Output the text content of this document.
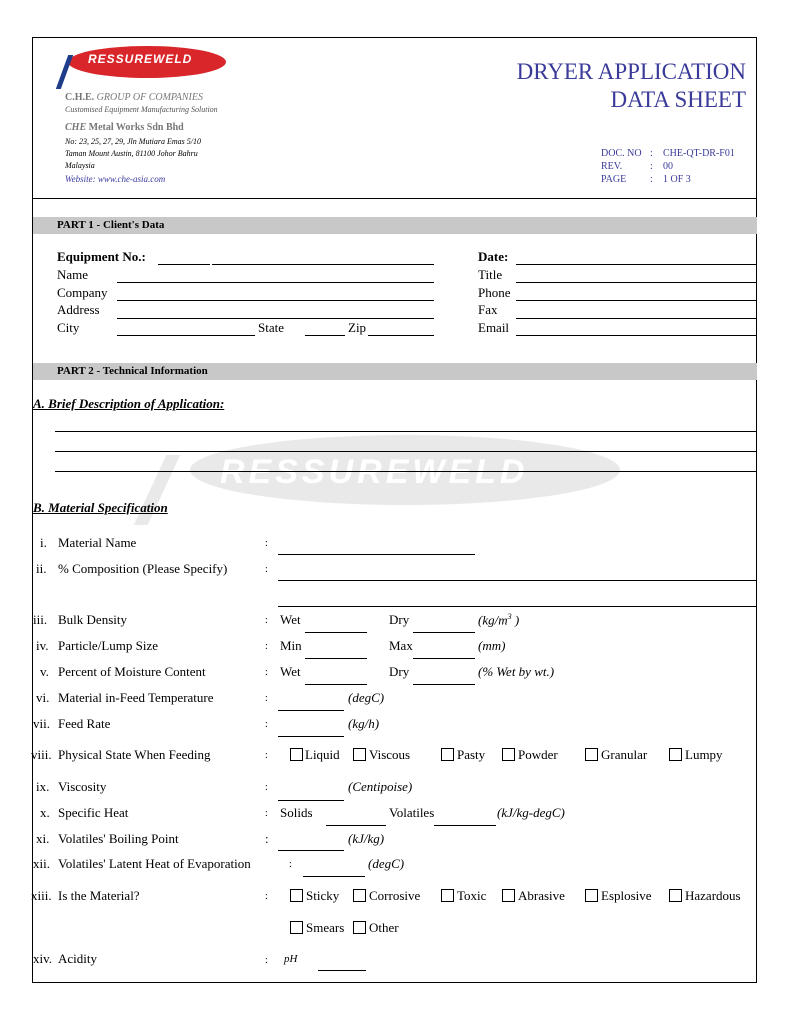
RESSUREWELD
C.H.E. GROUP OF COMPANIES
Customised Equipment Manufacturing Solution
CHE Metal Works Sdn Bhd
No: 23, 25, 27, 29, Jln Mutiara Emas 5/10
Taman Mount Austin, 81100 Johor Bahru
Malaysia
Website: www.che-asia.com
DRYER APPLICATION
DATA SHEET
DOC. NO : CHE-QT-DR-F01
REV.	: 00
PAGE : 1 OF 3
PART 1 - Client's Data
Equipment No.:
Name
Company
Address
City	State	Zip
Date:
Title
Phone
Fax
Email
PART 2 - Technical Information
RESSUREWELD
A. Brief Description of Application:
B. Material Specification
i. Material Name	:
ii. % Composition (Please Specify)	:
iii. Bulk Density	: Wet	Dry	($kg/m^3$ )
iv. Particle/Lump Size	: Min	Max	(mm)
v. Percent of Moisture Content	: Wet	Dry	(% Wet by wt.)
vi. Material in-Feed Temperature	:	(degC)
vii. Feed Rate	:	(kg/h)
viii. Physical State When Feeding	:	Liquid Viscous	Pasty	Powder	Granular	Lumpy
ix. Viscosity	:	(Centipoise)
x. Specific Heat	: Solids	Volatiles	(kJ/kg-degC)
xi. Volatiles' Boiling Point	:	(kJ/kg)
xii. Volatiles' Latent Heat of Evaporation	:	(degC)
xiii. Is the Material?	:	Sticky Corrosive	Toxic Abrasive	Esplosive	Hazardous
Smears Other
xiv. Acidity	: pH
